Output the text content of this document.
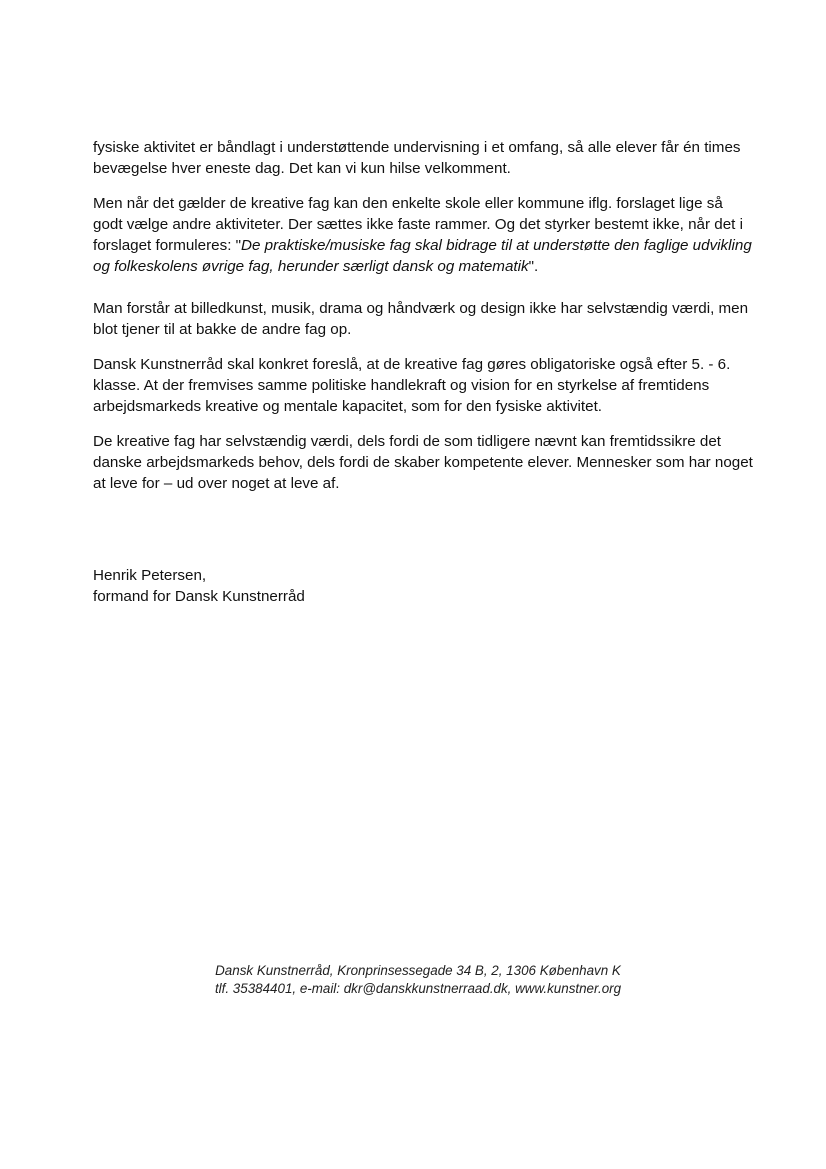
fysiske aktivitet er båndlagt i understøttende undervisning i et omfang, så alle elever får én times bevægelse hver eneste dag. Det kan vi kun hilse velkomment.

Men når det gælder de kreative fag kan den enkelte skole eller kommune iflg. forslaget lige så godt vælge andre aktiviteter. Der sættes ikke faste rammer. Og det styrker bestemt ikke, når det i forslaget formuleres: "De praktiske/musiske fag skal bidrage til at understøtte den faglige udvikling og folkeskolens øvrige fag, herunder særligt dansk og matematik".

Man forstår at billedkunst, musik, drama og håndværk og design ikke har selvstændig værdi, men blot tjener til at bakke de andre fag op.

Dansk Kunstnerråd skal konkret foreslå, at de kreative fag gøres obligatoriske også efter 5. - 6. klasse. At der fremvises samme politiske handlekraft og vision for en styrkelse af fremtidens arbejdsmarkeds kreative og mentale kapacitet, som for den fysiske aktivitet.

De kreative fag har selvstændig værdi, dels fordi de som tidligere nævnt kan fremtidssikre det danske arbejdsmarkeds behov, dels fordi de skaber kompetente elever. Mennesker som har noget at leve for – ud over noget at leve af.

Henrik Petersen,
formand for Dansk Kunstnerråd
Dansk Kunstnerråd, Kronprinsessegade 34 B, 2, 1306 København K
tlf. 35384401, e-mail: dkr@danskkunstnerraad.dk, www.kunstner.org
